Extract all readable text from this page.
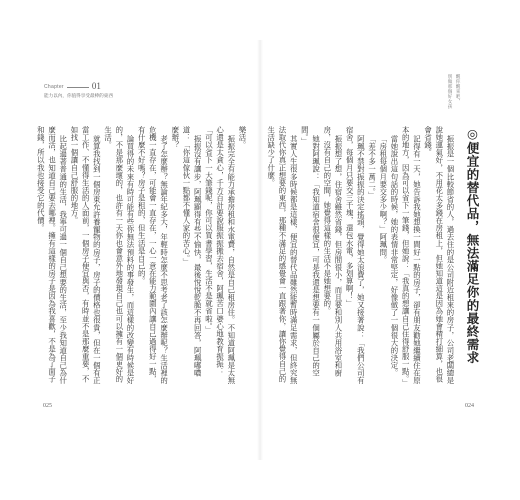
Chapter	01
能力以內，你值得享受最棒的東西

樂活。

振振完全有能力承擔房租和水電費，自然是自己租房住。不知道阿珮是太無心還是太貪心，千方百計要說服振振搬去宿舍，阿珮苦口婆心地教育振振：「可以省下一大筆錢呢，你可以買書學習，生活不是就省啦。」

振振沒有讓步，阿珮顯得有些不愉快，最後悅悅乾脆不再回答，阿珮嘟噥道：「你這傢伙一點都不懂人家的苦心。」

麼辦？

老了怎麼辦？無論年紀多大，年輕時怎麼不思考老了該怎麼辦呢？生活裡的危機一直存在，可能會一直存在，一心一意在能力範圍內讓自己過得好一點，有什麼不好嗎？房子是租的，但生活是自己的。

論買得的未來有時可能有些你無法預料的事發生，而這樣的改變有時候是好的，不是那麼壞的，也許有一天你也會意外地發現自己也可以擁有一個更好的生活。

就算我找到一個房東允許養寵物的房子，房子的價格也很貴，但在一個有正當工作、不懂得生活的人面前，一個房子便宜與否，有時並不是那麼重要，不如找一個讓自己舒服的地方。

比起過著普通的生活，我寧可過一個自己想要的生活，至少我知道自己為什麼而活，也知道自己要去哪裡。擁有這樣的房子是因為我喜歡，不是為了面子和錢，所以我也接受它的代價。

025
醒你醒來吧，
別做那個好女孩
◎便宜的替代品，無法滿足你的最終需求

振振是一個比較節省的人，過去住的是公司附近租來的房子，公司老闆總是說她運氣好，不用花太多錢在房租上，但她知道這是因為她會精打細算，也很會省錢。

記得有一天，她告訴我她想換一間好一點的房子，卻有朋友勸她繼續住在原本的地方，因為可以省下一筆錢，但她說：「我真的想讓自己住得舒服一點。」

當她說出這句話的時候，她的表情非常堅定，好像做了一個很大的決定。

「房租每個月要交多少啊？」阿珮問。

「差不多一萬二。」

阿珮不禁對振振的決定搖頭，覺得她太浪費了，她又接著說：「我們公司有宿舍，每個月只要交三千塊，還包水電，多划算啊！」

振振想了想，住宿舍雖然省錢，但房間很小，而且要和別人共用浴室和廚房，沒有自己的空間，她覺得這樣的生活不是她想要的。

她對阿珮說：「我知道宿舍很便宜，可是我還是想要有一個屬於自己的空間。」

其實人生很多時候都是這樣，便宜的替代品雖然能暫時滿足需求，但終究無法取代你真正想要的東西，那種不滿足的感覺會一直跟著你，讓你覺得自己的生活缺少了什麼。

024
